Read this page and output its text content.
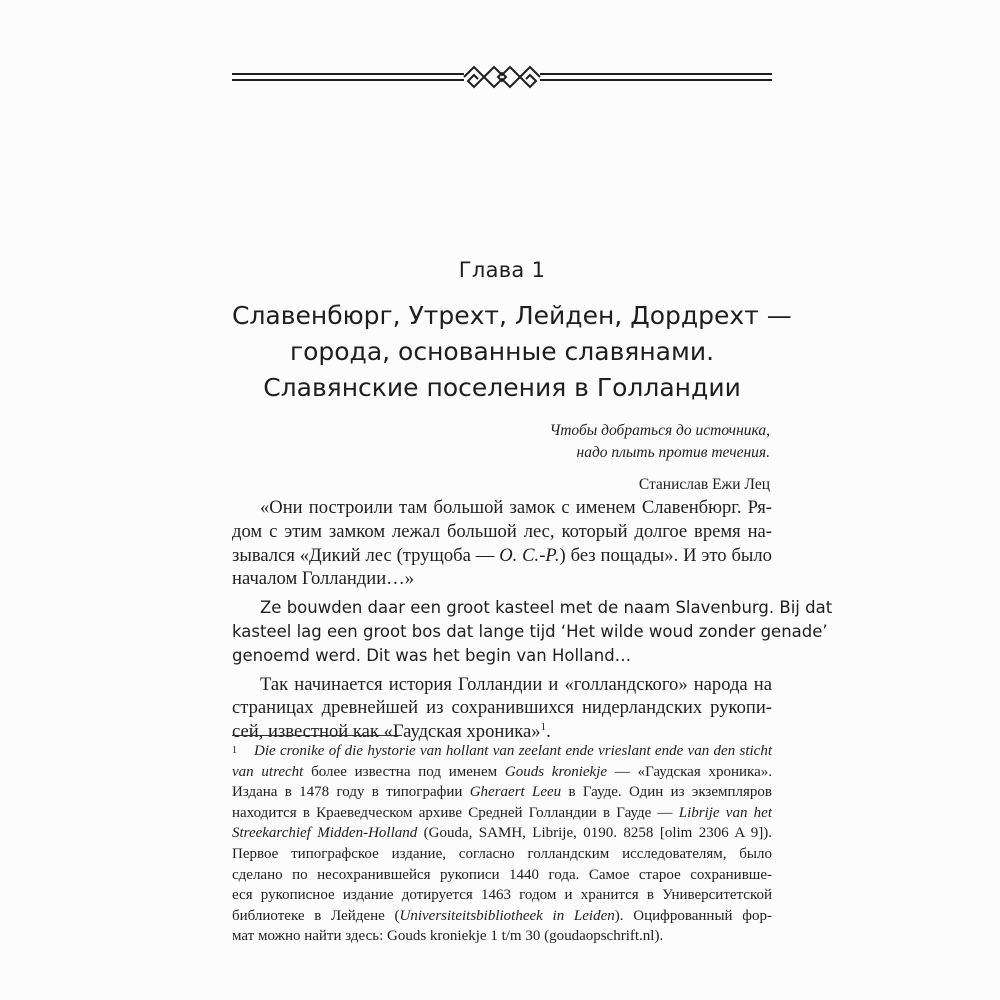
Глава 1
Славенбюрг, Утрехт, Лейден, Дордрехт —
города, основанные славянами.
Славянские поселения в Голландии
Чтобы добраться до источника,
надо плыть против течения.
Станислав Ежи Лец
«Они построили там большой замок с именем Славенбюрг. Ря-
дом с этим замком лежал большой лес, который долгое время на-
зывался «Дикий лес (трущоба — О. С.-Р.) без пощады». И это было
началом Голландии…»
Ze bouwden daar een groot kasteel met de naam Slavenburg. Bij dat
kasteel lag een groot bos dat lange tijd ‘Het wilde woud zonder genade’
genoemd werd. Dit was het begin van Holland…
Так начинается история Голландии и «голландского» народа на
страницах древнейшей из сохранившихся нидерландских рукопи-
сей, известной как «Гаудская хроника»$^1$.
1	Die cronike of die hystorie van hollant van zeelant ende vrieslant ende van den sticht
van utrecht более известна под именем Gouds kroniekje — «Гаудская хроника».
Издана в 1478 году в типографии Gheraert Leeu в Гауде. Один из экземпляров
находится в Краеведческом архиве Средней Голландии в Гауде — Librije van het
Streekarchief Midden-Holland (Gouda, SAMH, Librije, 0190. 8258 [olim 2306 A 9]).
Первое типографское издание, согласно голландским исследователям, было
сделано по несохранившейся рукописи 1440 года. Самое старое сохранивше-
еся рукописное издание дотируется 1463 годом и хранится в Университетской
библиотеке в Лейдене (Universiteitsbibliotheek in Leiden). Оцифрованный фор-
мат можно найти здесь: Gouds kroniekje 1 t/m 30 (goudaopschrift.nl).
